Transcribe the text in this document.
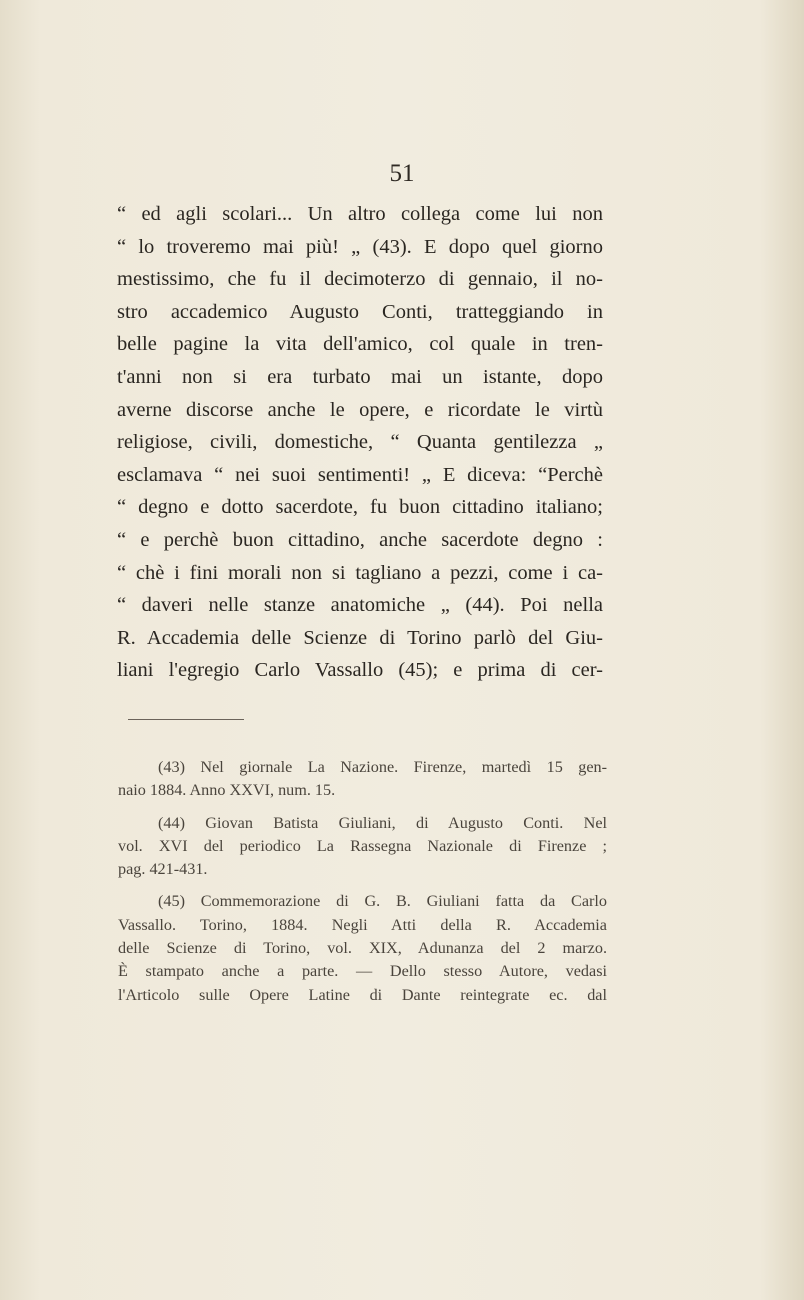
51
“ ed agli scolari... Un altro collega come lui non
“ lo troveremo mai più! „ (43). E dopo quel giorno
mestissimo, che fu il decimoterzo di gennaio, il no-
stro accademico Augusto Conti, tratteggiando in
belle pagine la vita dell'amico, col quale in tren-
t'anni non si era turbato mai un istante, dopo
averne discorse anche le opere, e ricordate le virtù
religiose, civili, domestiche, “ Quanta gentilezza „
esclamava “ nei suoi sentimenti! „ E diceva: “Perchè
“ degno e dotto sacerdote, fu buon cittadino italiano;
“ e perchè buon cittadino, anche sacerdote degno :
“ chè i fini morali non si tagliano a pezzi, come i ca-
“ daveri nelle stanze anatomiche „ (44). Poi nella
R. Accademia delle Scienze di Torino parlò del Giu-
liani l'egregio Carlo Vassallo (45); e prima di cer-
(43) Nel giornale La Nazione. Firenze, martedì 15 gen-
naio 1884. Anno XXVI, num. 15.
(44) Giovan Batista Giuliani, di Augusto Conti. Nel
vol. XVI del periodico La Rassegna Nazionale di Firenze ;
pag. 421-431.
(45) Commemorazione di G. B. Giuliani fatta da Carlo
Vassallo. Torino, 1884. Negli Atti della R. Accademia
delle Scienze di Torino, vol. XIX, Adunanza del 2 marzo.
È stampato anche a parte. — Dello stesso Autore, vedasi
l'Articolo sulle Opere Latine di Dante reintegrate ec. dal
